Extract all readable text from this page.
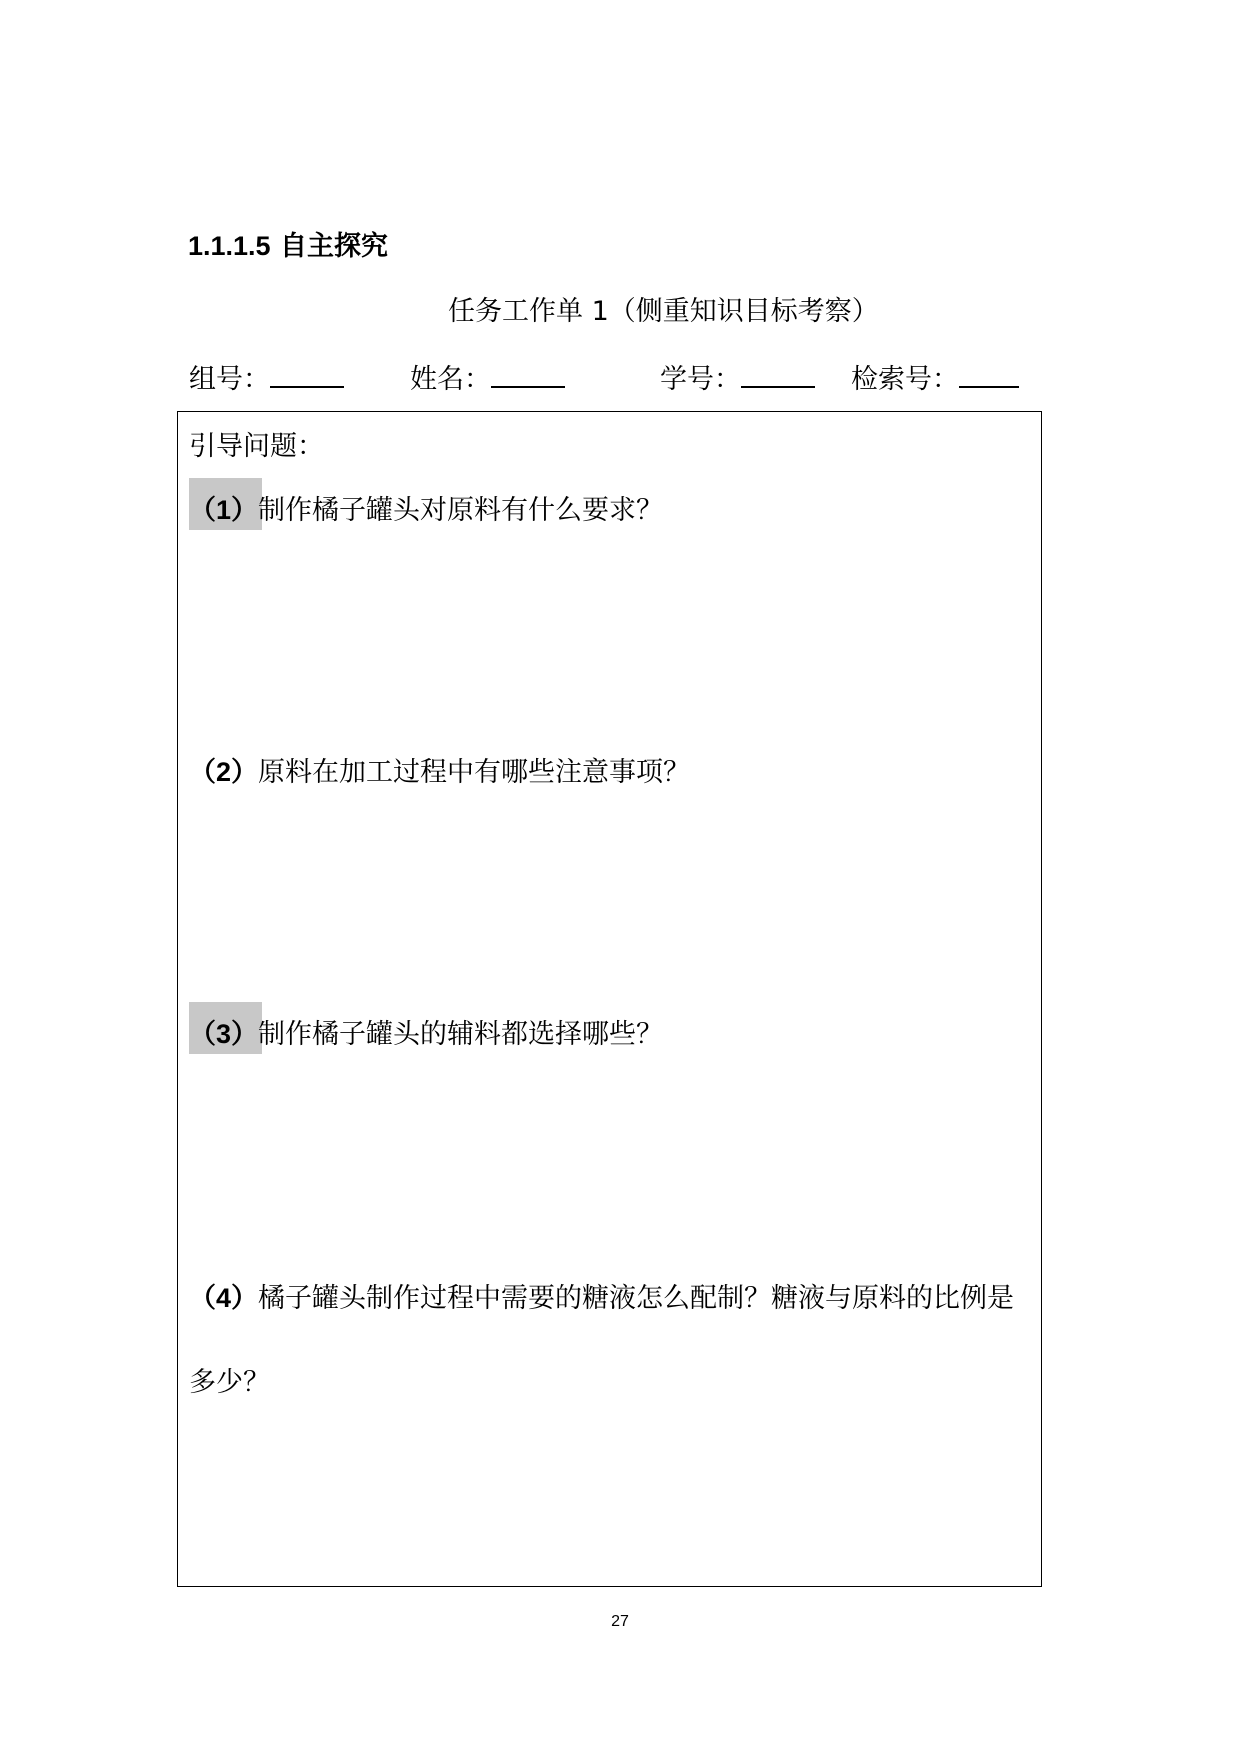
1.1.1.5 自主探究
任务工作单 1（侧重知识目标考察）
组号：	姓名：	学号：	检索号：
引导问题：
（1）制作橘子罐头对原料有什么要求？
（2）原料在加工过程中有哪些注意事项？
（3）制作橘子罐头的辅料都选择哪些？
（4）橘子罐头制作过程中需要的糖液怎么配制？糖液与原料的比例是多少？
27
